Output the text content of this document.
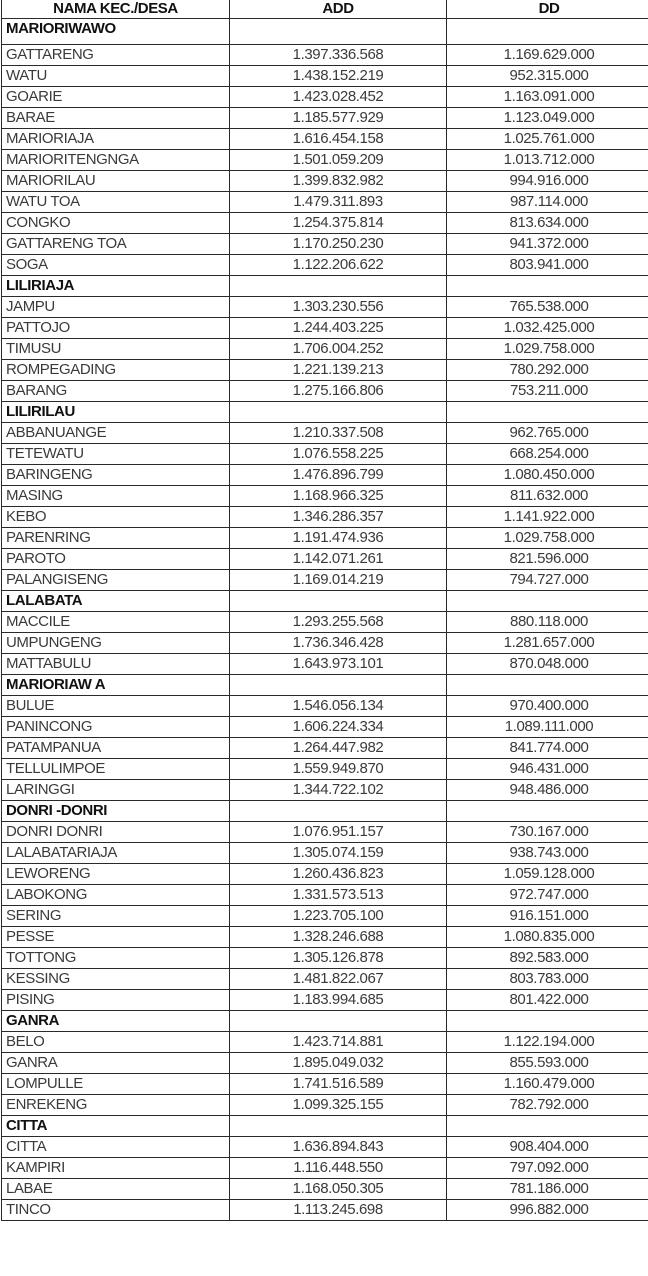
NAMA KEC./DESA	ADD	DD
MARIORIWAWO		
GATTARENG	1.397.336.568	1.169.629.000
WATU	1.438.152.219	952.315.000
GOARIE	1.423.028.452	1.163.091.000
BARAE	1.185.577.929	1.123.049.000
MARIORIAJA	1.616.454.158	1.025.761.000
MARIORITENGNGA	1.501.059.209	1.013.712.000
MARIORILAU	1.399.832.982	994.916.000
WATU TOA	1.479.311.893	987.114.000
CONGKO	1.254.375.814	813.634.000
GATTARENG TOA	1.170.250.230	941.372.000
SOGA	1.122.206.622	803.941.000
LILIRIAJA		
JAMPU	1.303.230.556	765.538.000
PATTOJO	1.244.403.225	1.032.425.000
TIMUSU	1.706.004.252	1.029.758.000
ROMPEGADING	1.221.139.213	780.292.000
BARANG	1.275.166.806	753.211.000
LILIRILAU		
ABBANUANGE	1.210.337.508	962.765.000
TETEWATU	1.076.558.225	668.254.000
BARINGENG	1.476.896.799	1.080.450.000
MASING	1.168.966.325	811.632.000
KEBO	1.346.286.357	1.141.922.000
PARENRING	1.191.474.936	1.029.758.000
PAROTO	1.142.071.261	821.596.000
PALANGISENG	1.169.014.219	794.727.000
LALABATA		
MACCILE	1.293.255.568	880.118.000
UMPUNGENG	1.736.346.428	1.281.657.000
MATTABULU	1.643.973.101	870.048.000
MARIORIAW A		
BULUE	1.546.056.134	970.400.000
PANINCONG	1.606.224.334	1.089.111.000
PATAMPANUA	1.264.447.982	841.774.000
TELLULIMPOE	1.559.949.870	946.431.000
LARINGGI	1.344.722.102	948.486.000
DONRI -DONRI		
DONRI DONRI	1.076.951.157	730.167.000
LALABATARIAJA	1.305.074.159	938.743.000
LEWORENG	1.260.436.823	1.059.128.000
LABOKONG	1.331.573.513	972.747.000
SERING	1.223.705.100	916.151.000
PESSE	1.328.246.688	1.080.835.000
TOTTONG	1.305.126.878	892.583.000
KESSING	1.481.822.067	803.783.000
PISING	1.183.994.685	801.422.000
GANRA		
BELO	1.423.714.881	1.122.194.000
GANRA	1.895.049.032	855.593.000
LOMPULLE	1.741.516.589	1.160.479.000
ENREKENG	1.099.325.155	782.792.000
CITTA		
CITTA	1.636.894.843	908.404.000
KAMPIRI	1.116.448.550	797.092.000
LABAE	1.168.050.305	781.186.000
TINCO	1.113.245.698	996.882.000
